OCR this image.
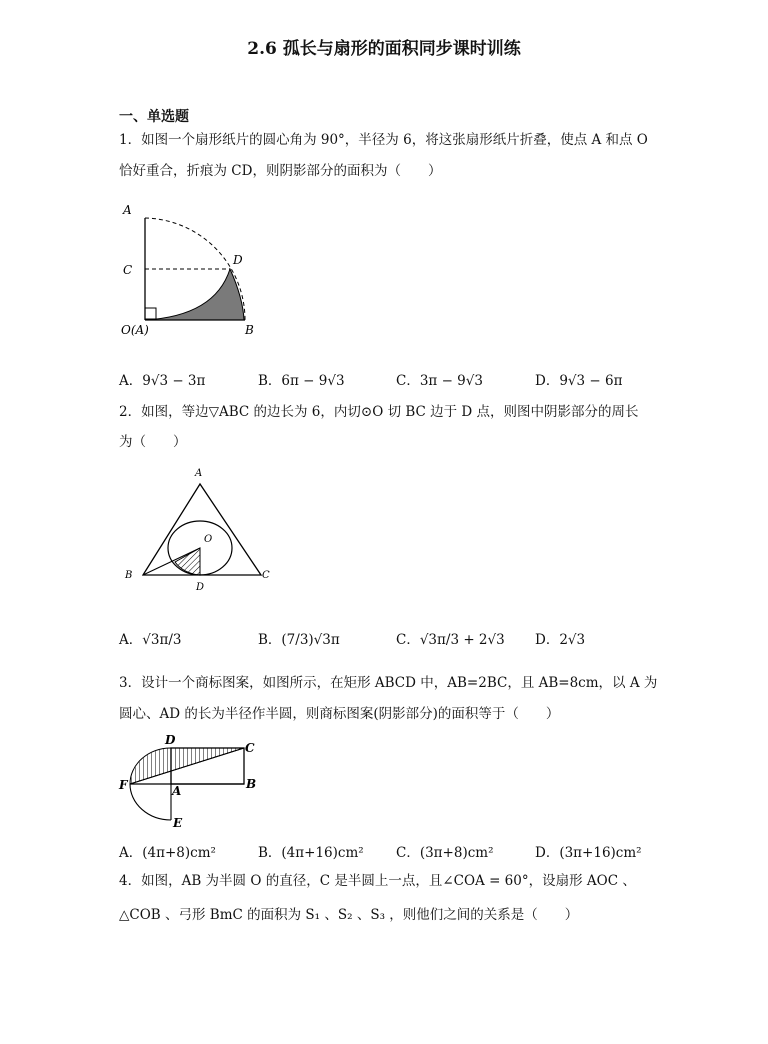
2.6 孤长与扇形的面积同步课时训练
一、单选题
1．如图一个扇形纸片的圆心角为 90°，半径为 6，将这张扇形纸片折叠，使点 A 和点 O
恰好重合，折痕为 CD，则阴影部分的面积为（　　）
A
C
D
O(A)	B
A．9√3 − 3π	B．6π − 9√3	C．3π − 9√3	D．9√3 − 6π
2．如图，等边▽ABC 的边长为 6，内切⊙O 切 BC 边于 D 点，则图中阴影部分的周长
为（　　）
A
O
B	C
D
A．√3π/3	B．(7/3)√3π	C．√3π/3 + 2√3 D．2√3
3．设计一个商标图案，如图所示，在矩形 ABCD 中，AB=2BC，且 AB=8cm，以 A 为
圆心、AD 的长为半径作半圆，则商标图案(阴影部分)的面积等于（　　）
D
C
F	A	B
E
A．(4π+8)cm²	B．(4π+16)cm² C．(3π+8)cm²	D．(3π+16)cm²
4．如图，AB 为半圆 O 的直径，C 是半圆上一点，且∠COA = 60°，设扇形 AOC 、
△COB 、弓形 BmC 的面积为 S₁ 、S₂ 、S₃ ，则他们之间的关系是（　　）
